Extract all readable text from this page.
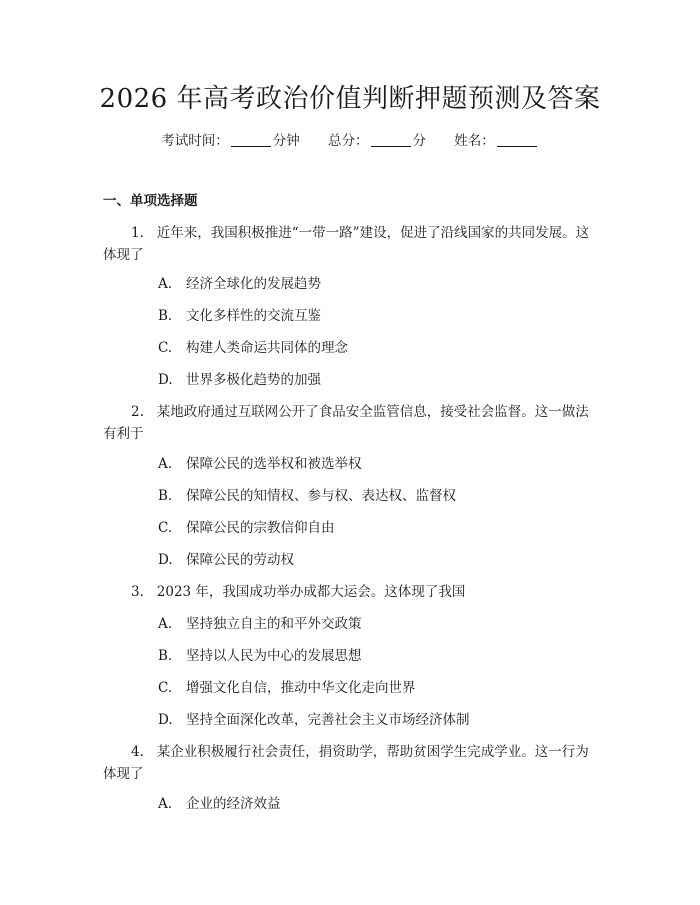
2026 年高考政治价值判断押题预测及答案
考试时间：	分钟 总分：	分 姓名：
一、单项选择题
1. 近年来，我国积极推进“一带一路”建设，促进了沿线国家的共同发展。这体现了
A. 经济全球化的发展趋势
B. 文化多样性的交流互鉴
C. 构建人类命运共同体的理念
D. 世界多极化趋势的加强
2. 某地政府通过互联网公开了食品安全监管信息，接受社会监督。这一做法有利于
A. 保障公民的选举权和被选举权
B. 保障公民的知情权、参与权、表达权、监督权
C. 保障公民的宗教信仰自由
D. 保障公民的劳动权
3. 2023 年，我国成功举办成都大运会。这体现了我国
A. 坚持独立自主的和平外交政策
B. 坚持以人民为中心的发展思想
C. 增强文化自信，推动中华文化走向世界
D. 坚持全面深化改革，完善社会主义市场经济体制
4. 某企业积极履行社会责任，捐资助学，帮助贫困学生完成学业。这一行为体现了
A. 企业的经济效益
